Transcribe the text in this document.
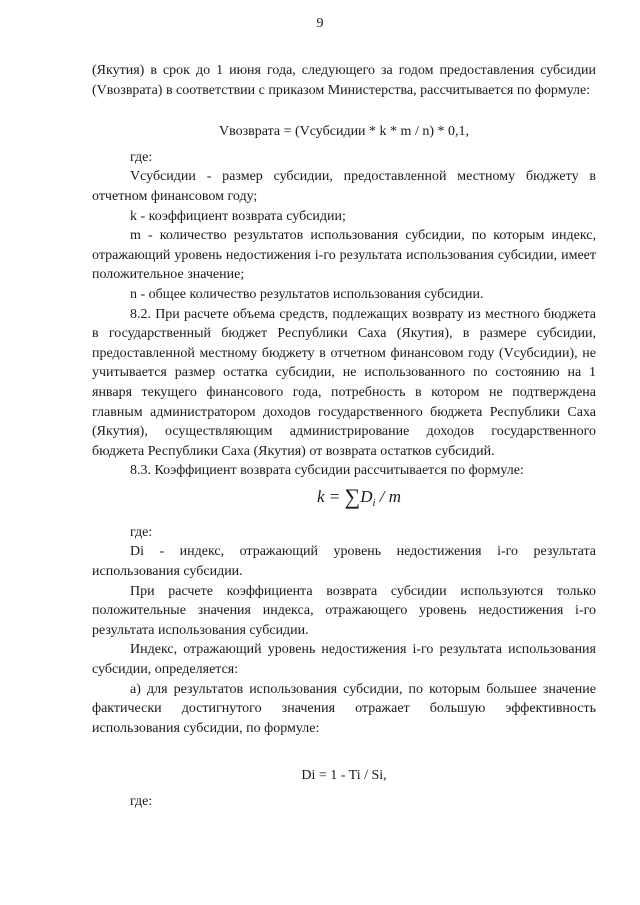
9

(Якутия) в срок до 1 июня года, следующего за годом предоставления субсидии (Vвозврата) в соответствии с приказом Министерства, рассчитывается по формуле:

Vвозврата = (Vсубсидии * k * m / n) * 0,1,

где:

Vсубсидии - размер субсидии, предоставленной местному бюджету в отчетном финансовом году;

k - коэффициент возврата субсидии;

m - количество результатов использования субсидии, по которым индекс, отражающий уровень недостижения i-го результата использования субсидии, имеет положительное значение;

n - общее количество результатов использования субсидии.

8.2. При расчете объема средств, подлежащих возврату из местного бюджета в государственный бюджет Республики Саха (Якутия), в размере субсидии, предоставленной местному бюджету в отчетном финансовом году (Vсубсидии), не учитывается размер остатка субсидии, не использованного по состоянию на 1 января текущего финансового года, потребность в котором не подтверждена главным администратором доходов государственного бюджета Республики Саха (Якутия), осуществляющим администрирование доходов государственного бюджета Республики Саха (Якутия) от возврата остатков субсидий.

8.3. Коэффициент возврата субсидии рассчитывается по формуле:

$k = \sum D_i / m$

где:

Di - индекс, отражающий уровень недостижения i-го результата использования субсидии.

При расчете коэффициента возврата субсидии используются только положительные значения индекса, отражающего уровень недостижения i-го результата использования субсидии.

Индекс, отражающий уровень недостижения i-го результата использования субсидии, определяется:

а) для результатов использования субсидии, по которым большее значение фактически достигнутого значения отражает большую эффективность использования субсидии, по формуле:

Di = 1 - Ti / Si,

где:
